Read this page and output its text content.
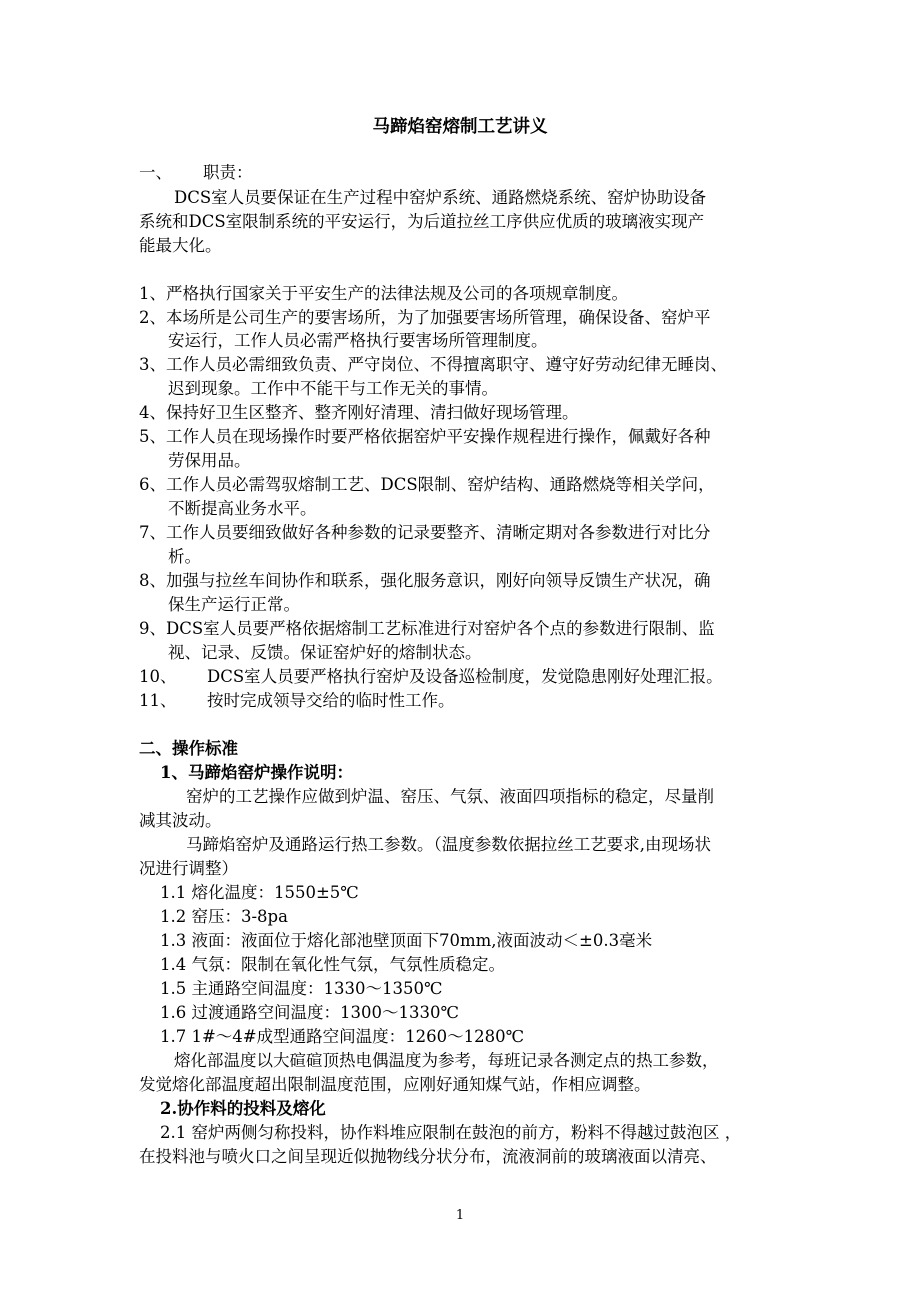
马蹄焰窑熔制工艺讲义
一、 职责：
DCS室人员要保证在生产过程中窑炉系统、通路燃烧系统、窑炉协助设备
系统和DCS室限制系统的平安运行，为后道拉丝工序供应优质的玻璃液实现产
能最大化。
1、严格执行国家关于平安生产的法律法规及公司的各项规章制度。
2、本场所是公司生产的要害场所，为了加强要害场所管理，确保设备、窑炉平
安运行，工作人员必需严格执行要害场所管理制度。
3、工作人员必需细致负责、严守岗位、不得擅离职守、遵守好劳动纪律无睡岗、
迟到现象。工作中不能干与工作无关的事情。
4、保持好卫生区整齐、整齐刚好清理、清扫做好现场管理。
5、工作人员在现场操作时要严格依据窑炉平安操作规程进行操作，佩戴好各种
劳保用品。
6、工作人员必需驾驭熔制工艺、DCS限制、窑炉结构、通路燃烧等相关学问，
不断提高业务水平。
7、工作人员要细致做好各种参数的记录要整齐、清晰定期对各参数进行对比分
析。
8、加强与拉丝车间协作和联系，强化服务意识，刚好向领导反馈生产状况，确
保生产运行正常。
9、DCS室人员要严格依据熔制工艺标准进行对窑炉各个点的参数进行限制、监
视、记录、反馈。保证窑炉好的熔制状态。
10、 DCS室人员要严格执行窑炉及设备巡检制度，发觉隐患刚好处理汇报。
11、 按时完成领导交给的临时性工作。
二、操作标准
1、马蹄焰窑炉操作说明：
窑炉的工艺操作应做到炉温、窑压、气氛、液面四项指标的稳定，尽量削
减其波动。
马蹄焰窑炉及通路运行热工参数。（温度参数依据拉丝工艺要求,由现场状
况进行调整）
1.1 熔化温度：1550±5℃
1.2 窑压：3-8pa
1.3 液面：液面位于熔化部池壁顶面下70mm,液面波动＜±0.3毫米
1.4 气氛：限制在氧化性气氛，气氛性质稳定。
1.5 主通路空间温度：1330～1350℃
1.6 过渡通路空间温度：1300～1330℃
1.7 1#～4#成型通路空间温度：1260～1280℃
熔化部温度以大碹碹顶热电偶温度为参考，每班记录各测定点的热工参数，
发觉熔化部温度超出限制温度范围，应刚好通知煤气站，作相应调整。
2.协作料的投料及熔化
2.1 窑炉两侧匀称投料，协作料堆应限制在鼓泡的前方，粉料不得越过鼓泡区 ，
在投料池与喷火口之间呈现近似抛物线分状分布，流液洞前的玻璃液面以清亮、
1
